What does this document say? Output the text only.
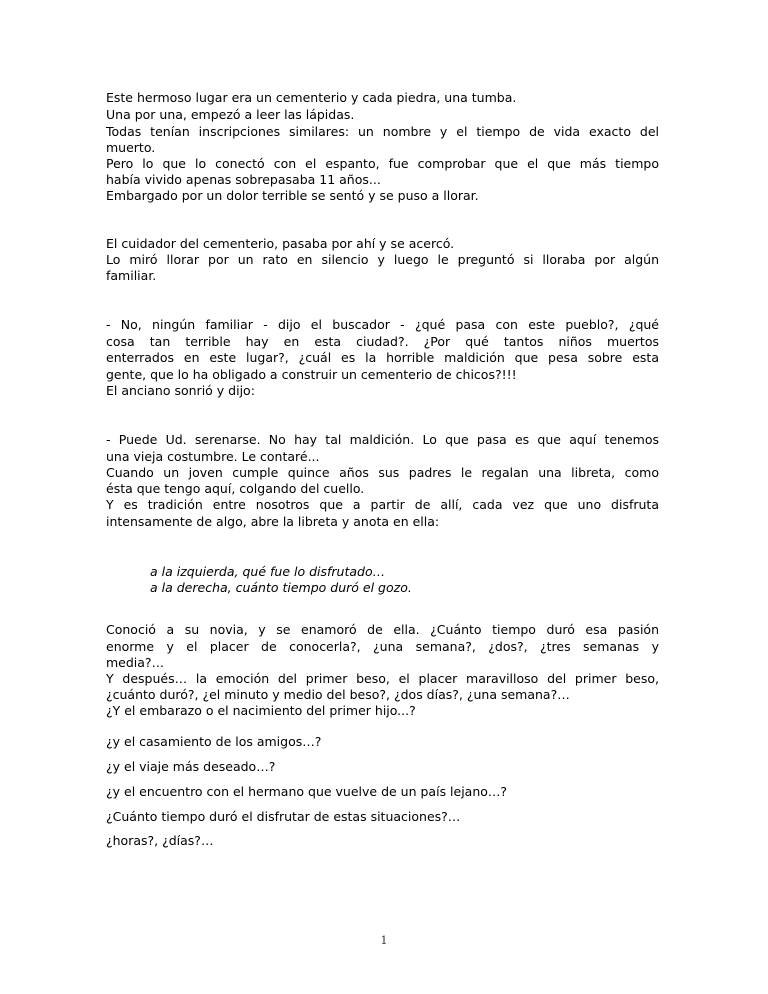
Este hermoso lugar era un cementerio y cada piedra, una tumba.
Una por una, empezó a leer las lápidas.
Todas tenían inscripciones similares: un nombre y el tiempo de vida exacto del
muerto.
Pero lo que lo conectó con el espanto, fue comprobar que el que más tiempo
había vivido apenas sobrepasaba 11 años...
Embargado por un dolor terrible se sentó y se puso a llorar.
El cuidador del cementerio, pasaba por ahí y se acercó.
Lo miró llorar por un rato en silencio y luego le preguntó si lloraba por algún
familiar.
- No, ningún familiar - dijo el buscador - ¿qué pasa con este pueblo?, ¿qué
cosa tan terrible hay en esta ciudad?. ¿Por qué tantos niños muertos
enterrados en este lugar?, ¿cuál es la horrible maldición que pesa sobre esta
gente, que lo ha obligado a construir un cementerio de chicos?!!!
El anciano sonrió y dijo:
- Puede Ud. serenarse. No hay tal maldición. Lo que pasa es que aquí tenemos
una vieja costumbre. Le contaré...
Cuando un joven cumple quince años sus padres le regalan una libreta, como
ésta que tengo aquí, colgando del cuello.
Y es tradición entre nosotros que a partir de allí, cada vez que uno disfruta
intensamente de algo, abre la libreta y anota en ella:
a la izquierda, qué fue lo disfrutado…
a la derecha, cuánto tiempo duró el gozo.
Conoció a su novia, y se enamoró de ella. ¿Cuánto tiempo duró esa pasión
enorme y el placer de conocerla?, ¿una semana?, ¿dos?, ¿tres semanas y
media?…
Y después… la emoción del primer beso, el placer maravilloso del primer beso,
¿cuánto duró?, ¿el minuto y medio del beso?, ¿dos días?, ¿una semana?…
¿Y el embarazo o el nacimiento del primer hijo...?
¿y el casamiento de los amigos…?
¿y el viaje más deseado…?
¿y el encuentro con el hermano que vuelve de un país lejano…?
¿Cuánto tiempo duró el disfrutar de estas situaciones?…
¿horas?, ¿días?…
1
